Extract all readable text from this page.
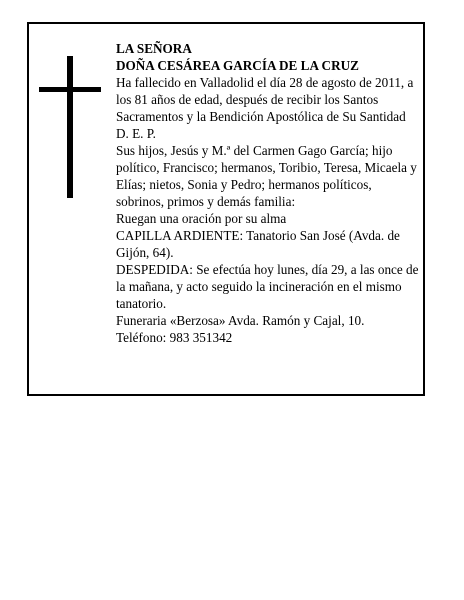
LA SEÑORA

DOÑA CESÁREA GARCÍA DE LA CRUZ

Ha fallecido en Valladolid el día 28 de agosto de 2011, a los 81 años de edad, después de recibir los Santos Sacramentos y la Bendición Apostólica de Su Santidad

D. E. P.

Sus hijos, Jesús y M.ª del Carmen Gago García; hijo político, Francisco; hermanos, Toribio, Teresa, Micaela y Elías; nietos, Sonia y Pedro; hermanos políticos, sobrinos, primos y demás familia:

Ruegan una oración por su alma

CAPILLA ARDIENTE: Tanatorio San José (Avda. de Gijón, 64).

DESPEDIDA: Se efectúa hoy lunes, día 29, a las once de la mañana, y acto seguido la incineración en el mismo tanatorio.

Funeraria «Berzosa» Avda. Ramón y Cajal, 10.

Teléfono: 983 351342
